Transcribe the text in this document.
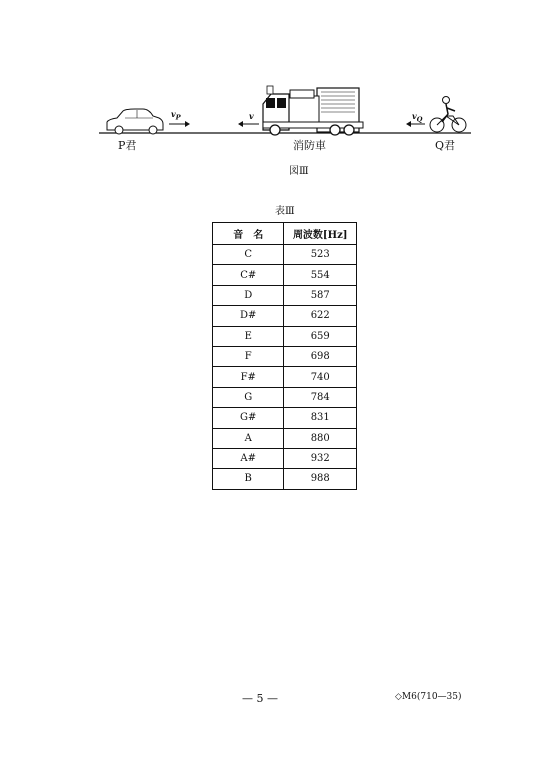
$v_P$	v	$v_Q$
P君	消防車	Q君
図Ⅲ
表Ⅲ
音　名	周波数[Hz]
C	523
C#	554
D	587
D#	622
E	659
F	698
F#	740
G	784
G#	831
A	880
A#	932
B	988
— 5 —	◇M6(710—35)
